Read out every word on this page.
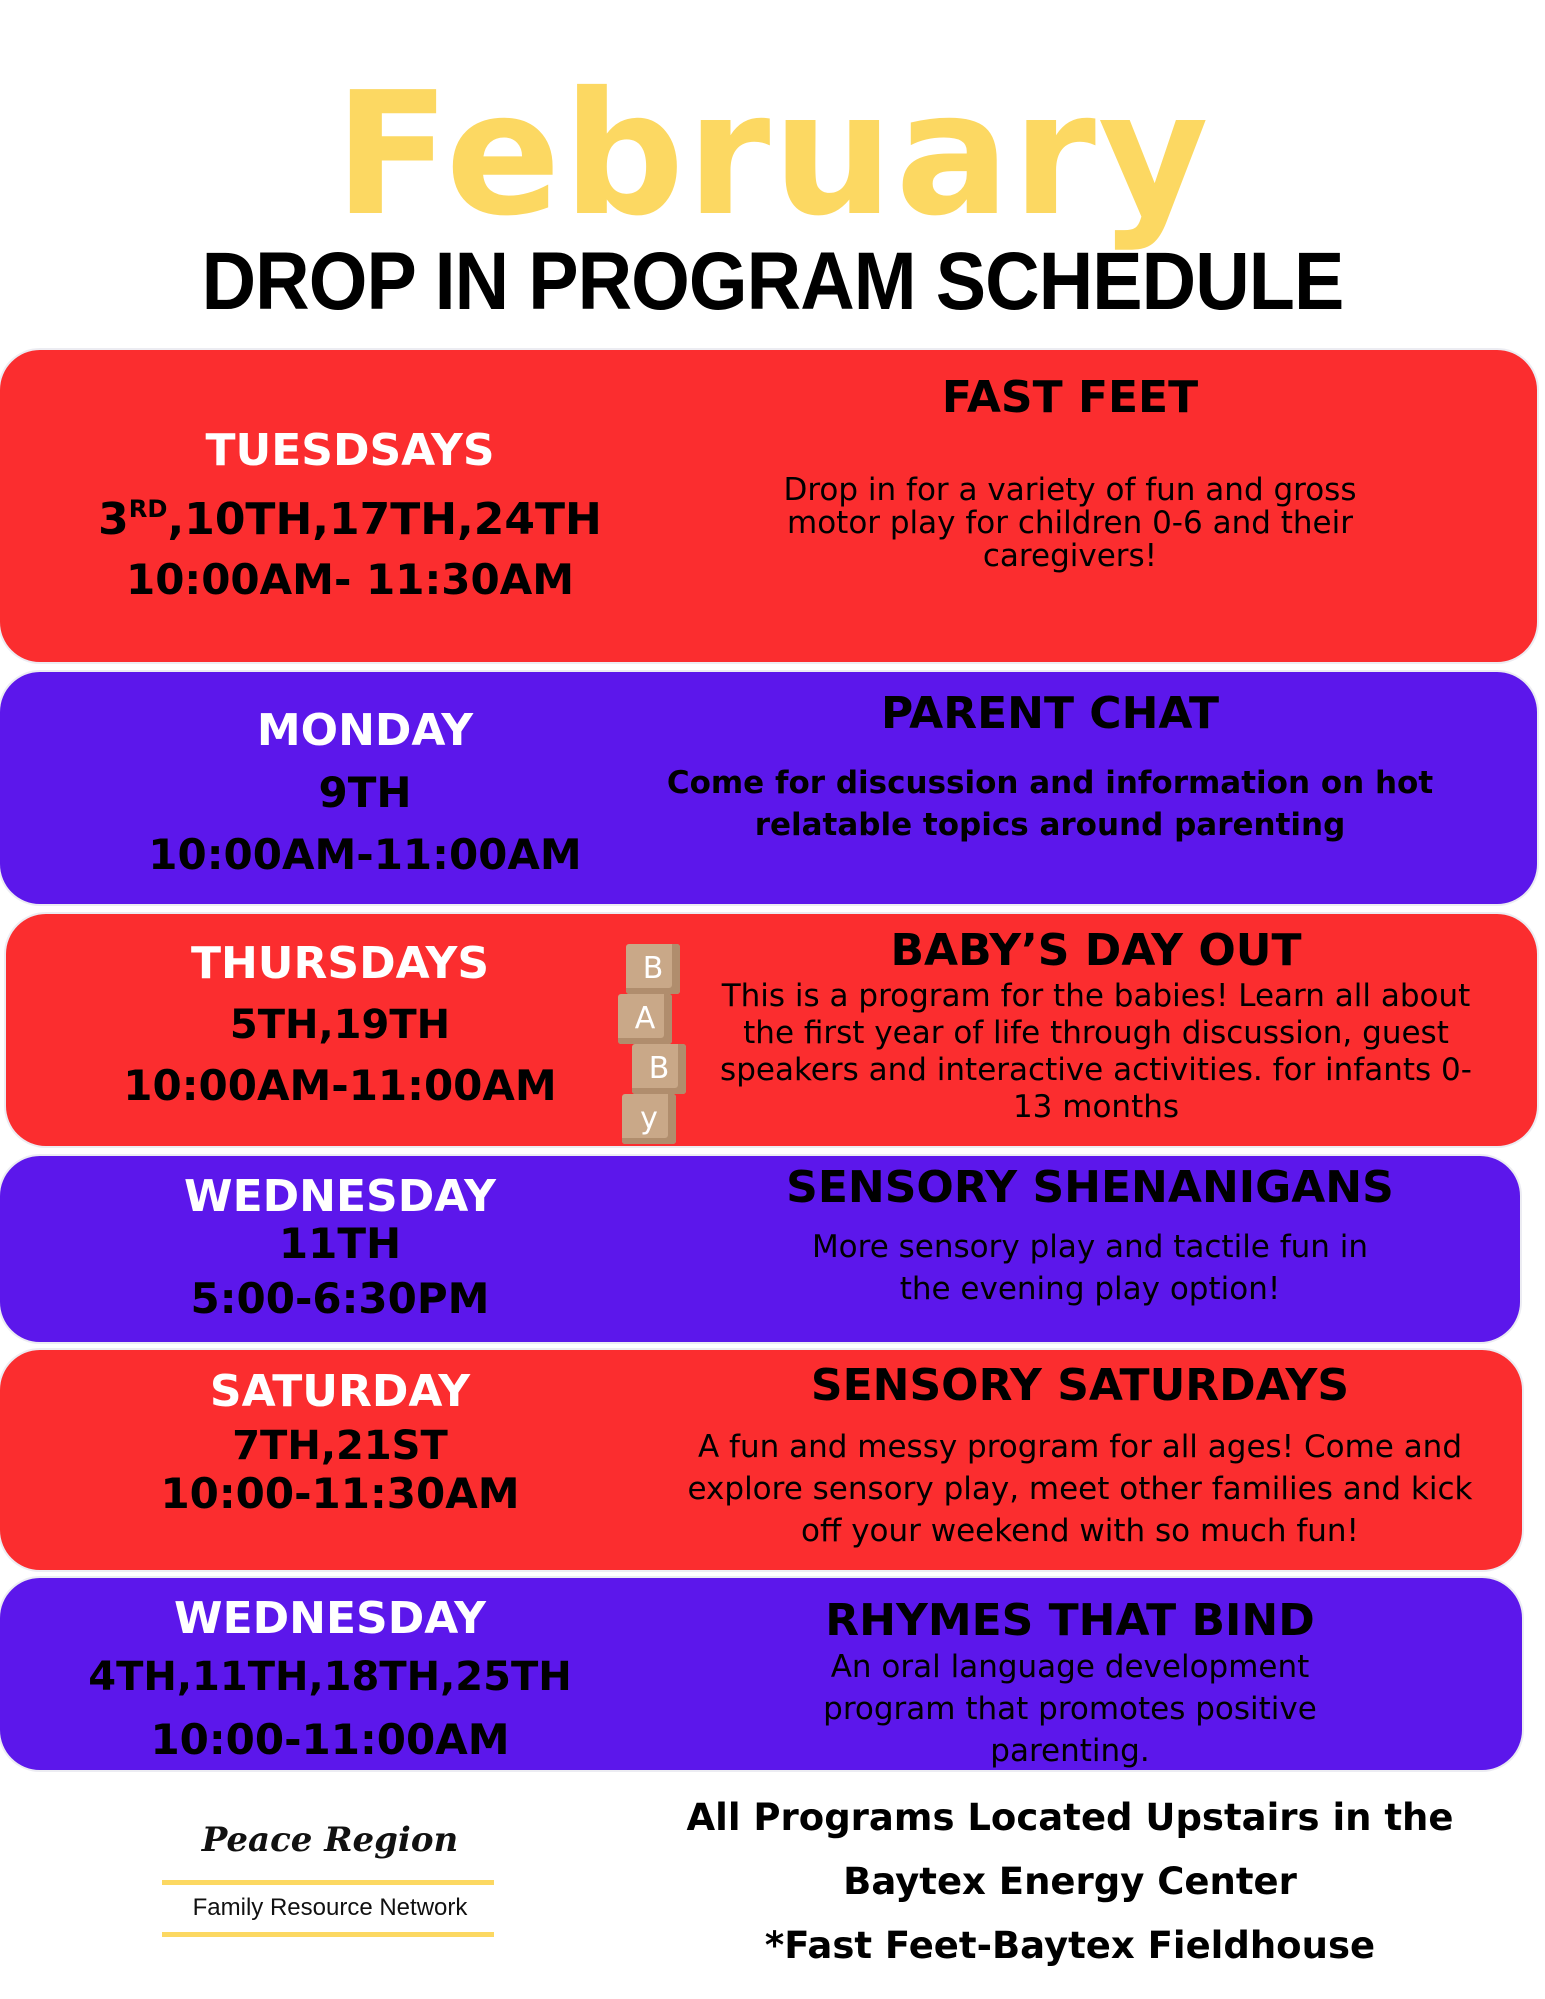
February
DROP IN PROGRAM SCHEDULE
TUESDSAYS
3RD,10TH,17TH,24TH
10:00AM- 11:30AM
FAST FEET
Drop in for a variety of fun and gross motor play for children 0-6 and their caregivers!
MONDAY
9TH
10:00AM-11:00AM
PARENT CHAT
Come for discussion and information on hot relatable topics around parenting
THURSDAYS
5TH,19TH
10:00AM-11:00AM
B
A
B
y
BABY’S DAY OUT
This is a program for the babies! Learn all about the first year of life through discussion, guest speakers and interactive activities. for infants 0-13 months
WEDNESDAY
11TH
5:00-6:30PM
SENSORY SHENANIGANS
More sensory play and tactile fun in the evening play option!
SATURDAY
7TH,21ST
10:00-11:30AM
SENSORY SATURDAYS
A fun and messy program for all ages! Come and explore sensory play, meet other families and kick off your weekend with so much fun!
WEDNESDAY
4TH,11TH,18TH,25TH
10:00-11:00AM
RHYMES THAT BIND
An oral language development program that promotes positive parenting.
Peace Region
Family Resource Network
All Programs Located Upstairs in the
Baytex Energy Center
*Fast Feet-Baytex Fieldhouse
